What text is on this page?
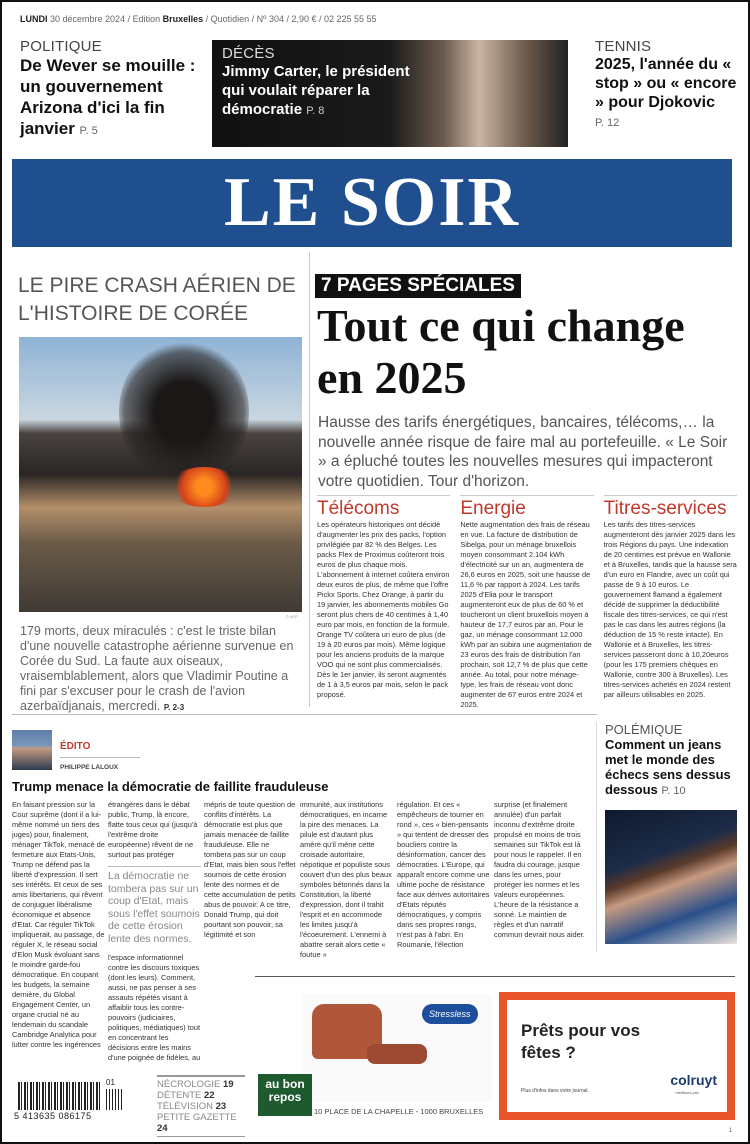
LUNDI 30 décembre 2024 / Edition Bruxelles / Quotidien / Nº 304 / 2,90 € / 02 225 55 55
POLITIQUE
De Wever se mouille : un gouvernement Arizona d'ici la fin janvier P. 5
DÉCÈS
Jimmy Carter, le président qui voulait réparer la démocratie P. 8
TENNIS
2025, l'année du « stop » ou « encore » pour Djokovic
P. 12
LE SOIR
LE PIRE CRASH AÉRIEN DE L'HISTOIRE DE CORÉE
© AFP
179 morts, deux miraculés : c'est le triste bilan d'une nouvelle catastrophe aérienne survenue en Corée du Sud. La faute aux oiseaux, vraisemblablement, alors que Vladimir Poutine a fini par s'excuser pour le crash de l'avion azerbaïdjanais, mercredi. P. 2-3
7 PAGES SPÉCIALES
Tout ce qui change en 2025
Hausse des tarifs énergétiques, bancaires, télécoms,… la nouvelle année risque de faire mal au portefeuille. « Le Soir » a épluché toutes les nouvelles mesures qui impacteront votre quotidien. Tour d'horizon.
Télécoms
Les opérateurs historiques ont décidé d'augmenter les prix des packs, l'option privilégiée par 82 % des Belges. Les packs Flex de Proximus coûteront trois euros de plus chaque mois. L'abonnement à internet coûtera environ deux euros de plus, de même que l'offre Pickx Sports. Chez Orange, à partir du 19 janvier, les abonnements mobiles Go seront plus chers de 40 centimes à 1,40 euro par mois, en fonction de la formule. Orange TV coûtera un euro de plus (de 19 à 20 euros par mois). Même logique pour les anciens produits de la marque VOO qui ne sont plus commercialisés. Dès le 1er janvier, ils seront augmentés de 1 à 3,5 euros par mois, selon le pack proposé.
Energie
Nette augmentation des frais de réseau en vue. La facture de distribution de Sibelga, pour un ménage bruxellois moyen consommant 2.104 kWh d'électricité sur un an, augmentera de 26,6 euros en 2025, soit une hausse de 11,6 % par rapport à 2024. Les tarifs 2025 d'Elia pour le transport augmenteront eux de plus de 60 % et toucheront un client bruxellois moyen à hauteur de 17,7 euros par an. Pour le gaz, un ménage consommant 12.000 kWh par an subira une augmentation de 23 euros des frais de distribution l'an prochain, soit 12,7 % de plus que cette année. Au total, pour notre ménage-type, les frais de réseau vont donc augmenter de 67 euros entre 2024 et 2025.
Titres-services
Les tarifs des titres-services augmenteront dès janvier 2025 dans les trois Régions du pays. Une indexation de 20 centimes est prévue en Wallonie et à Bruxelles, tandis que la hausse sera d'un euro en Flandre, avec un coût qui passe de 9 à 10 euros. Le gouvernement flamand a également décidé de supprimer la déductibilité fiscale des titres-services, ce qui n'est pas le cas dans les autres régions (la déduction de 15 % reste intacte). En Wallonie et à Bruxelles, les titres-services passeront donc à 10,20euros (pour les 175 premiers chèques en Wallonie, contre 300 à Bruxelles). Les titres-services achetés en 2024 restent par ailleurs utilisables en 2025.
ÉDITO
PHILIPPE LALOUX
Trump menace la démocratie de faillite frauduleuse

En faisant pression sur la Cour suprême (dont il a lui-même nommé un tiers des juges) pour, finalement, ménager TikTok, menacé de fermeture aux Etats-Unis, Trump ne défend pas la liberté d'expression. Il sert ses intérêts. Et ceux de ses amis libertariens, qui rêvent de conjuguer libéralisme économique et absence d'Etat. Car réguler TikTok impliquerait, au passage, de réguler X, le réseau social d'Elon Musk évoluant sans le moindre garde-fou démocratique. En coupant les budgets, la semaine dernière, du Global Engagement Center, un organe crucial né au lendemain du scandale Cambridge Analytica pour lutter contre les ingérences

étrangères dans le débat public, Trump, là encore, flatte tous ceux qui (jusqu'à l'extrême droite européenne) rêvent de ne surtout pas protéger

La démocratie ne tombera pas sur un coup d'Etat, mais sous l'effet soumois de cette érosion lente des normes.

l'espace informationnel contre les discours toxiques (dont les leurs). Comment, aussi, ne pas penser à ses assauts répétés visant à affaiblir tous les contre-pouvoirs (judiciaires, politiques, médiatiques) tout en concentrant les décisions entre les mains d'une poignée de fidèles, au

mépris de toute question de conflits d'intérêts. La démocratie est plus que jamais menacée de faillite frauduleuse. Elle ne tombera pas sur un coup d'Etat, mais bien sous l'effet soumois de cette érosion lente des normes et de cette accumulation de petits abus de pouvoir. A ce titre, Donald Trump, qui doit pourtant son pouvoir, sa légitimité et son

immunité, aux institutions démocratiques, en incarne la pire des menaces. La pilule est d'autant plus amère qu'il mène cette croisade autoritaire, népotique et populiste sous couvert d'un des plus beaux symboles bétonnés dans la Constitution, la liberté d'expression, dont il trahit l'esprit et en accommode les limites jusqu'à l'écoeurement. L'ennemi à abattre serait alors cette « foutue »

régulation. Et ces « empêcheurs de tourner en rond », ces « bien-pensants » qui tentent de dresser des boucliers contre la désinformation, cancer des démocraties. L'Europe, qui apparaît encore comme une ultime poche de résistance face aux dérives autoritaires d'Etats réputés démocratiques, y compris dans ses propres rangs, n'est pas à l'abri. En Roumanie, l'élection

surprise (et finalement annulée) d'un parfait inconnu d'extrême droite propulsé en moins de trois semaines sur TikTok est là pour nous le rappeler. Il en faudra du courage, jusque dans les urnes, pour protéger les normes et les valeurs européennes. L'heure de la résistance a sonné. Le maintien de règles et d'un narratif commun devrait nous aider.

POLÉMIQUE
Comment un jeans met le monde des échecs sens dessus dessous P. 10
Stressless
au bon repos
10 PLACE DE LA CHAPELLE - 1000 BRUXELLES
Prêts pour vos fêtes ?
Plus d'infos dans votre journal.
colruyt
meilleurs prix
NÉCROLOGIE 19
DÉTENTE 22
TÉLÉVISION 23
PETITE GAZETTE 24
01
5 413635 086175
1
